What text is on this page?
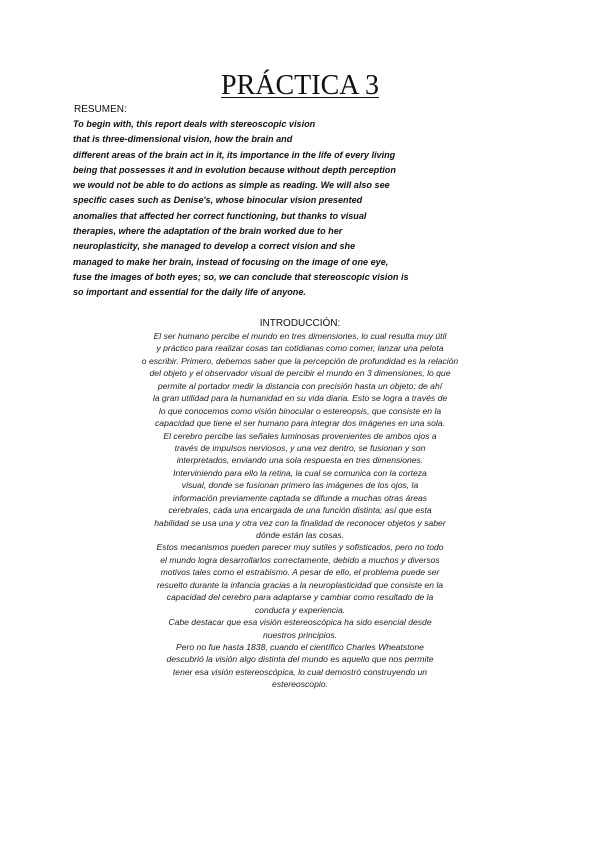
PRÁCTICA 3
RESUMEN:
To begin with, this report deals with stereoscopic vision
that is three-dimensional vision, how the brain and
different areas of the brain act in it, its importance in the life of every living
being that possesses it and in evolution because without depth perception
we would not be able to do actions as simple as reading. We will also see
specific cases such as Denise's, whose binocular vision presented
anomalies that affected her correct functioning, but thanks to visual
therapies, where the adaptation of the brain worked due to her
neuroplasticity, she managed to develop a correct vision and she
managed to make her brain, instead of focusing on the image of one eye,
fuse the images of both eyes; so, we can conclude that stereoscopic vision is
so important and essential for the daily life of anyone.
INTRODUCCIÓN:
El ser humano percibe el mundo en tres dimensiones, lo cual resulta muy útil
y práctico para realizar cosas tan cotidianas como comer, lanzar una pelota
o escribir. Primero, debemos saber que la percepción de profundidad es la relación
del objeto y el observador visual de percibir el mundo en 3 dimensiones, lo que
permite al portador medir la distancia con precisión hasta un objeto; de ahí
la gran utilidad para la humanidad en su vida diaria. Esto se logra a través de
lo que conocemos como visión binocular o estereopsis, que consiste en la
capacidad que tiene el ser humano para integrar dos imágenes en una sola.
El cerebro percibe las señales luminosas provenientes de ambos ojos a
través de impulsos nerviosos, y una vez dentro, se fusionan y son
interpretados, enviando una sola respuesta en tres dimensiones.
Interviniendo para ello la retina, la cual se comunica con la corteza
visual, donde se fusionan primero las imágenes de los ojos, la
información previamente captada se difunde a muchas otras áreas
cerebrales, cada una encargada de una función distinta; así que esta
habilidad se usa una y otra vez con la finalidad de reconocer objetos y saber
dónde están las cosas.
Estos mecanismos pueden parecer muy sutiles y sofisticados, pero no todo
el mundo logra desarrollarlos correctamente, debido a muchos y diversos
motivos tales como el estrabismo. A pesar de ello, el problema puede ser
resuelto durante la infancia gracias a la neuroplasticidad que consiste en la
capacidad del cerebro para adaptarse y cambiar como resultado de la
conducta y experiencia.
Cabe destacar que esa visión estereoscópica ha sido esencial desde
nuestros principios.
Pero no fue hasta 1838, cuando el científico Charles Wheatstone
descubrió la visión algo distinta del mundo es aquello que nos permite
tener esa visión estereoscópica, lo cual demostró construyendo un
estereoscopio.
